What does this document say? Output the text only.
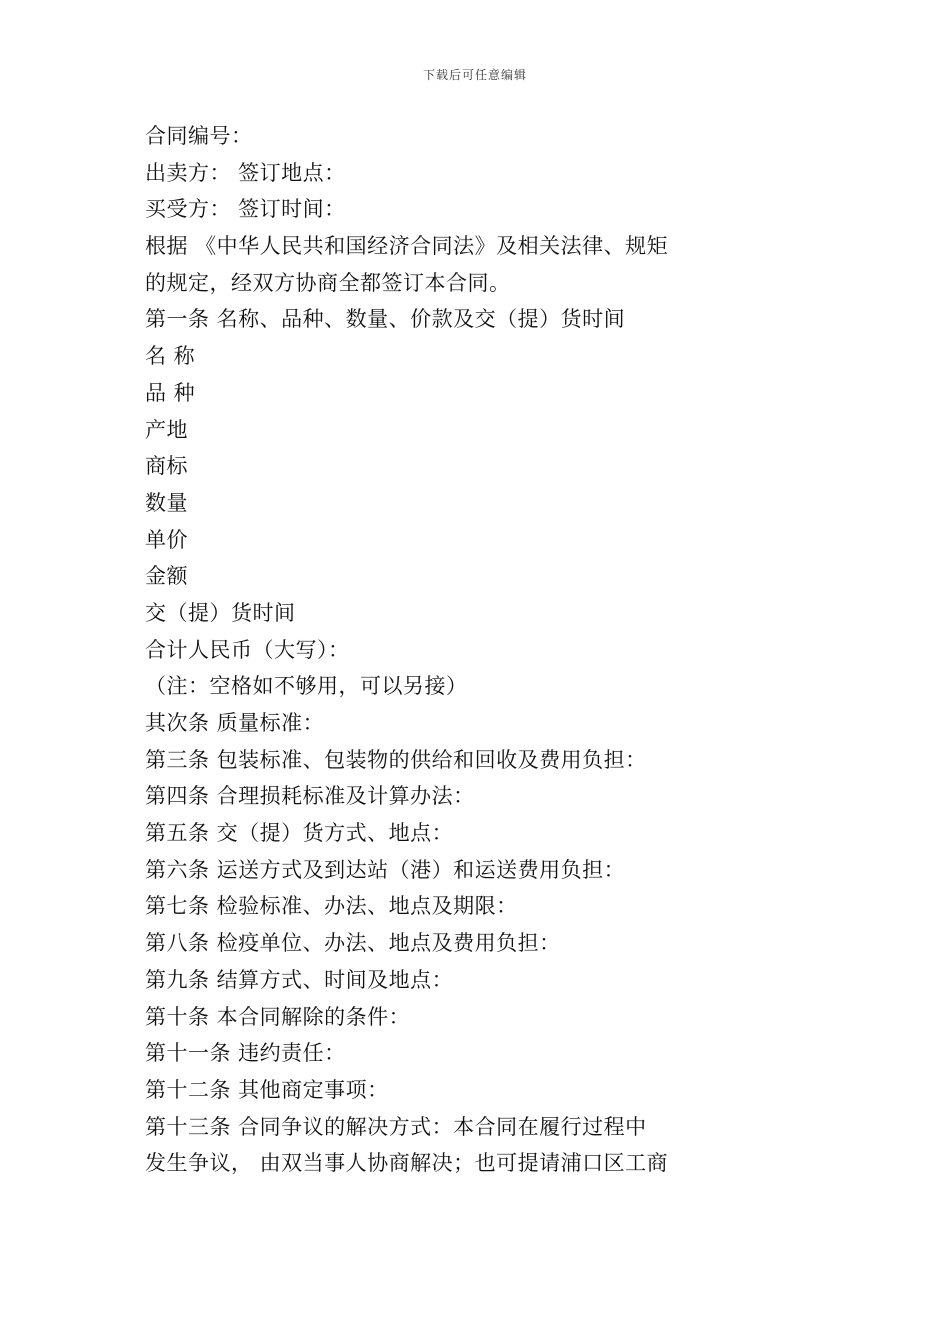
下载后可任意编辑
合同编号：
出卖方： 签订地点：
买受方： 签订时间：
根据 《中华人民共和国经济合同法》及相关法律、规矩
的规定，经双方协商全都签订本合同。
第一条 名称、品种、数量、价款及交（提）货时间
名 称
品 种
产地
商标
数量
单价
金额
交（提）货时间
合计人民币（大写）：
（注：空格如不够用，可以另接）
其次条 质量标准：
第三条 包装标准、包装物的供给和回收及费用负担：
第四条 合理损耗标准及计算办法：
第五条 交（提）货方式、地点：
第六条 运送方式及到达站（港）和运送费用负担：
第七条 检验标准、办法、地点及期限：
第八条 检疫单位、办法、地点及费用负担：
第九条 结算方式、时间及地点：
第十条 本合同解除的条件：
第十一条 违约责任：
第十二条 其他商定事项：
第十三条 合同争议的解决方式：本合同在履行过程中
发生争议， 由双当事人协商解决；也可提请浦口区工商
